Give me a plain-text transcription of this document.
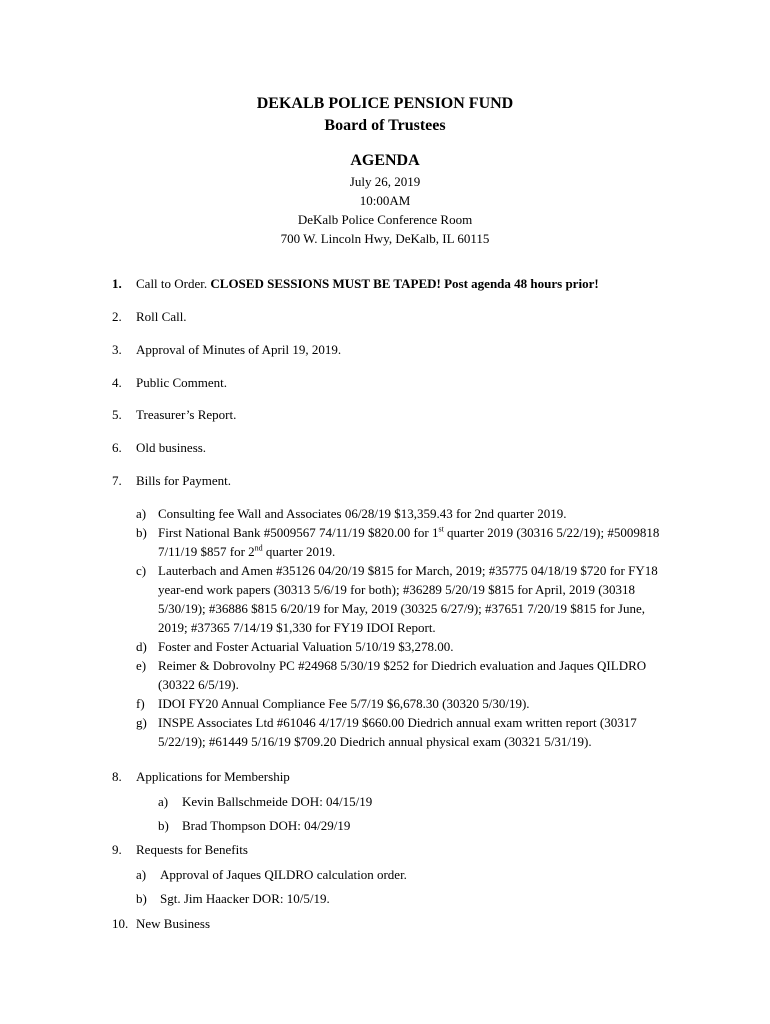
DEKALB POLICE PENSION FUND
Board of Trustees
AGENDA
July 26, 2019
10:00AM
DeKalb Police Conference Room
700 W. Lincoln Hwy, DeKalb, IL 60115
1. Call to Order. CLOSED SESSIONS MUST BE TAPED! Post agenda 48 hours prior!
2. Roll Call.
3. Approval of Minutes of April 19, 2019.
4. Public Comment.
5. Treasurer’s Report.
6. Old business.
7. Bills for Payment.
a) Consulting fee Wall and Associates 06/28/19 $13,359.43 for 2nd quarter 2019.
b) First National Bank #5009567 74/11/19 $820.00 for 1st quarter 2019 (30316 5/22/19); #5009818 7/11/19 $857 for 2nd quarter 2019.
c) Lauterbach and Amen #35126 04/20/19 $815 for March, 2019; #35775 04/18/19 $720 for FY18 year-end work papers (30313 5/6/19 for both); #36289 5/20/19 $815 for April, 2019 (30318 5/30/19); #36886 $815 6/20/19 for May, 2019 (30325 6/27/9); #37651 7/20/19 $815 for June, 2019; #37365 7/14/19 $1,330 for FY19 IDOI Report.
d) Foster and Foster Actuarial Valuation 5/10/19 $3,278.00.
e) Reimer & Dobrovolny PC #24968 5/30/19 $252 for Diedrich evaluation and Jaques QILDRO (30322 6/5/19).
f)	IDOI FY20 Annual Compliance Fee 5/7/19 $6,678.30 (30320 5/30/19).
g) INSPE Associates Ltd #61046 4/17/19 $660.00 Diedrich annual exam written report (30317 5/22/19); #61449 5/16/19 $709.20 Diedrich annual physical exam (30321 5/31/19).
8. Applications for Membership
a) Kevin Ballschmeide DOH: 04/15/19
b) Brad Thompson DOH: 04/29/19
9. Requests for Benefits
a) Approval of Jaques QILDRO calculation order.
b) Sgt. Jim Haacker DOR: 10/5/19.
10. New Business
